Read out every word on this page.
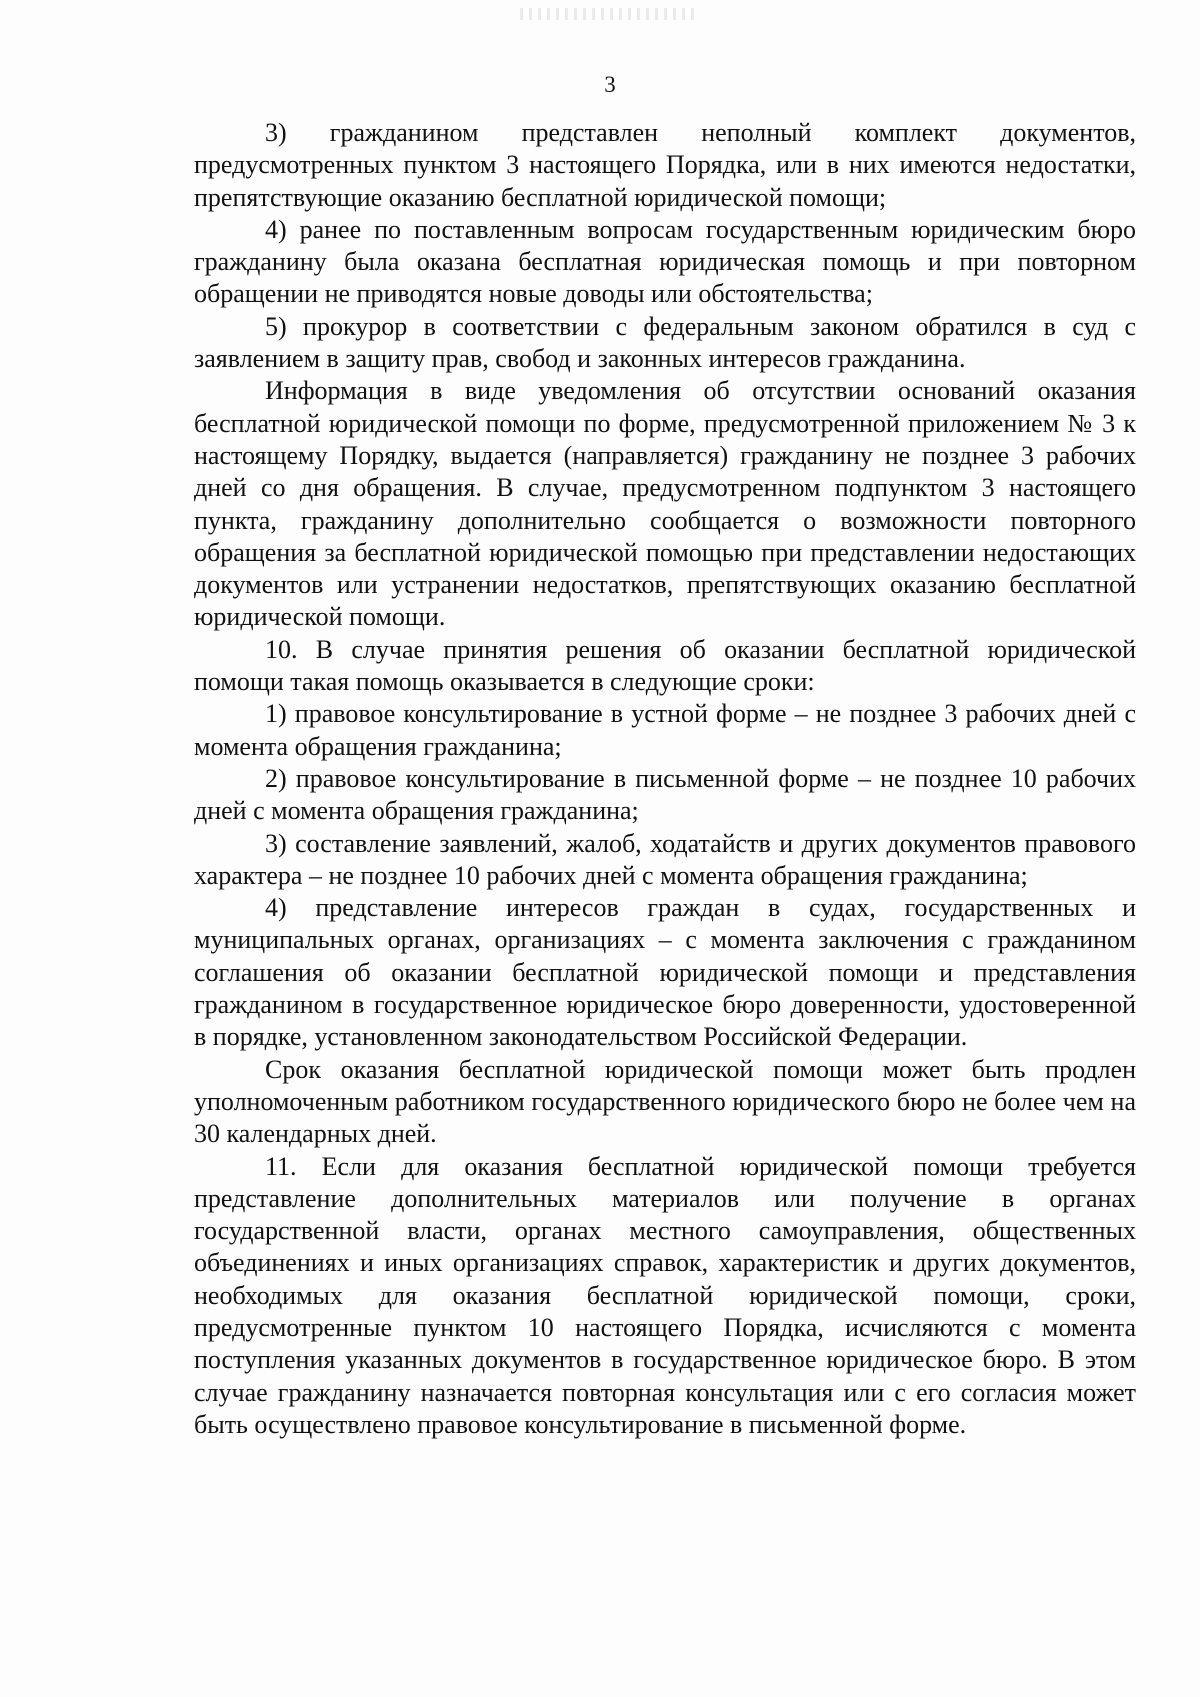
3

3) гражданином представлен неполный комплект документов, предусмотренных пунктом 3 настоящего Порядка, или в них имеются недостатки, препятствующие оказанию бесплатной юридической помощи;

4) ранее по поставленным вопросам государственным юридическим бюро гражданину была оказана бесплатная юридическая помощь и при повторном обращении не приводятся новые доводы или обстоятельства;

5) прокурор в соответствии с федеральным законом обратился в суд с заявлением в защиту прав, свобод и законных интересов гражданина.

Информация в виде уведомления об отсутствии оснований оказания бесплатной юридической помощи по форме, предусмотренной приложением № 3 к настоящему Порядку, выдается (направляется) гражданину не позднее 3 рабочих дней со дня обращения. В случае, предусмотренном подпунктом 3 настоящего пункта, гражданину дополнительно сообщается о возможности повторного обращения за бесплатной юридической помощью при представлении недостающих документов или устранении недостатков, препятствующих оказанию бесплатной юридической помощи.

10. В случае принятия решения об оказании бесплатной юридической помощи такая помощь оказывается в следующие сроки:

1) правовое консультирование в устной форме – не позднее 3 рабочих дней с момента обращения гражданина;

2) правовое консультирование в письменной форме – не позднее 10 рабочих дней с момента обращения гражданина;

3) составление заявлений, жалоб, ходатайств и других документов правового характера – не позднее 10 рабочих дней с момента обращения гражданина;

4) представление интересов граждан в судах, государственных и муниципальных органах, организациях – с момента заключения с гражданином соглашения об оказании бесплатной юридической помощи и представления гражданином в государственное юридическое бюро доверенности, удостоверенной в порядке, установленном законодательством Российской Федерации.

Срок оказания бесплатной юридической помощи может быть продлен уполномоченным работником государственного юридического бюро не более чем на 30 календарных дней.

11. Если для оказания бесплатной юридической помощи требуется представление дополнительных материалов или получение в органах государственной власти, органах местного самоуправления, общественных объединениях и иных организациях справок, характеристик и других документов, необходимых для оказания бесплатной юридической помощи, сроки, предусмотренные пунктом 10 настоящего Порядка, исчисляются с момента поступления указанных документов в государственное юридическое бюро. В этом случае гражданину назначается повторная консультация или с его согласия может быть осуществлено правовое консультирование в письменной форме.
